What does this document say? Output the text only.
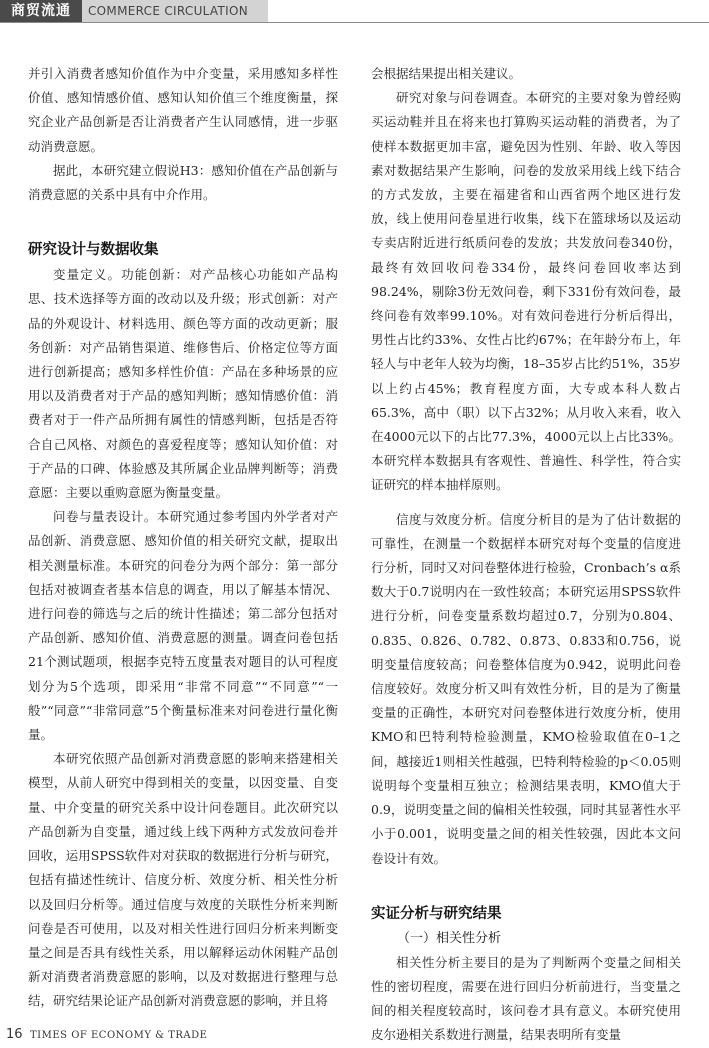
商贸流通	COMMERCE CIRCULATION

并引入消费者感知价值作为中介变量，采用感知多样性价值、感知情感价值、感知认知价值三个维度衡量，探究企业产品创新是否让消费者产生认同感情，进一步驱动消费意愿。

据此，本研究建立假说H3：感知价值在产品创新与消费意愿的关系中具有中介作用。

研究设计与数据收集

变量定义。功能创新：对产品核心功能如产品构思、技术选择等方面的改动以及升级；形式创新：对产品的外观设计、材料选用、颜色等方面的改动更新；服务创新：对产品销售渠道、维修售后、价格定位等方面进行创新提高；感知多样性价值：产品在多种场景的应用以及消费者对于产品的感知判断；感知情感价值：消费者对于一件产品所拥有属性的情感判断，包括是否符合自己风格、对颜色的喜爱程度等；感知认知价值：对于产品的口碑、体验感及其所属企业品牌判断等；消费意愿：主要以重购意愿为衡量变量。

问卷与量表设计。本研究通过参考国内外学者对产品创新、消费意愿、感知价值的相关研究文献，提取出相关测量标准。本研究的问卷分为两个部分：第一部分包括对被调查者基本信息的调查，用以了解基本情况、进行问卷的筛选与之后的统计性描述；第二部分包括对产品创新、感知价值、消费意愿的测量。调查问卷包括21个测试题项，根据李克特五度量表对题目的认可程度划分为5个选项，即采用“非常不同意”“不同意”“一般”“同意”“非常同意”5个衡量标准来对问卷进行量化衡量。

本研究依照产品创新对消费意愿的影响来搭建相关模型，从前人研究中得到相关的变量，以因变量、自变量、中介变量的研究关系中设计问卷题目。此次研究以产品创新为自变量，通过线上线下两种方式发放问卷并回收，运用SPSS软件对对获取的数据进行分析与研究，包括有描述性统计、信度分析、效度分析、相关性分析以及回归分析等。通过信度与效度的关联性分析来判断问卷是否可使用，以及对相关性进行回归分析来判断变量之间是否具有线性关系，用以解释运动休闲鞋产品创新对消费者消费意愿的影响，以及对数据进行整理与总结，研究结果论证产品创新对消费意愿的影响，并且将

会根据结果提出相关建议。

研究对象与问卷调查。本研究的主要对象为曾经购买运动鞋并且在将来也打算购买运动鞋的消费者，为了使样本数据更加丰富，避免因为性别、年龄、收入等因素对数据结果产生影响，问卷的发放采用线上线下结合的方式发放，主要在福建省和山西省两个地区进行发放，线上使用问卷星进行收集，线下在篮球场以及运动专卖店附近进行纸质问卷的发放；共发放问卷340份，最终有效回收问卷334份，最终问卷回收率达到98.24%，剔除3份无效问卷，剩下331份有效问卷，最终问卷有效率99.10%。对有效问卷进行分析后得出，男性占比约33%、女性占比约67%；在年龄分布上，年轻人与中老年人较为均衡，18–35岁占比约51%，35岁以上约占45%；教育程度方面，大专或本科人数占65.3%，高中（职）以下占32%；从月收入来看，收入在4000元以下的占比77.3%，4000元以上占比33%。本研究样本数据具有客观性、普遍性、科学性，符合实证研究的样本抽样原则。

信度与效度分析。信度分析目的是为了估计数据的可靠性，在测量一个数据样本研究对每个变量的信度进行分析，同时又对问卷整体进行检验，Cronbach’s α系数大于0.7说明内在一致性较高；本研究运用SPSS软件进行分析，问卷变量系数均超过0.7，分别为0.804、0.835、0.826、0.782、0.873、0.833和0.756，说明变量信度较高；问卷整体信度为0.942，说明此问卷信度较好。效度分析又叫有效性分析，目的是为了衡量变量的正确性，本研究对问卷整体进行效度分析，使用KMO和巴特利特检验测量，KMO检验取值在0–1之间，越接近1则相关性越强，巴特利特检验的p＜0.05则说明每个变量相互独立；检测结果表明，KMO值大于0.9，说明变量之间的偏相关性较强，同时其显著性水平小于0.001，说明变量之间的相关性较强，因此本文问卷设计有效。

实证分析与研究结果
（一）相关性分析

相关性分析主要目的是为了判断两个变量之间相关性的密切程度，需要在进行回归分析前进行，当变量之间的相关程度较高时，该问卷才具有意义。本研究使用皮尔逊相关系数进行测量，结果表明所有变量

16 TIMES OF ECONOMY & TRADE
